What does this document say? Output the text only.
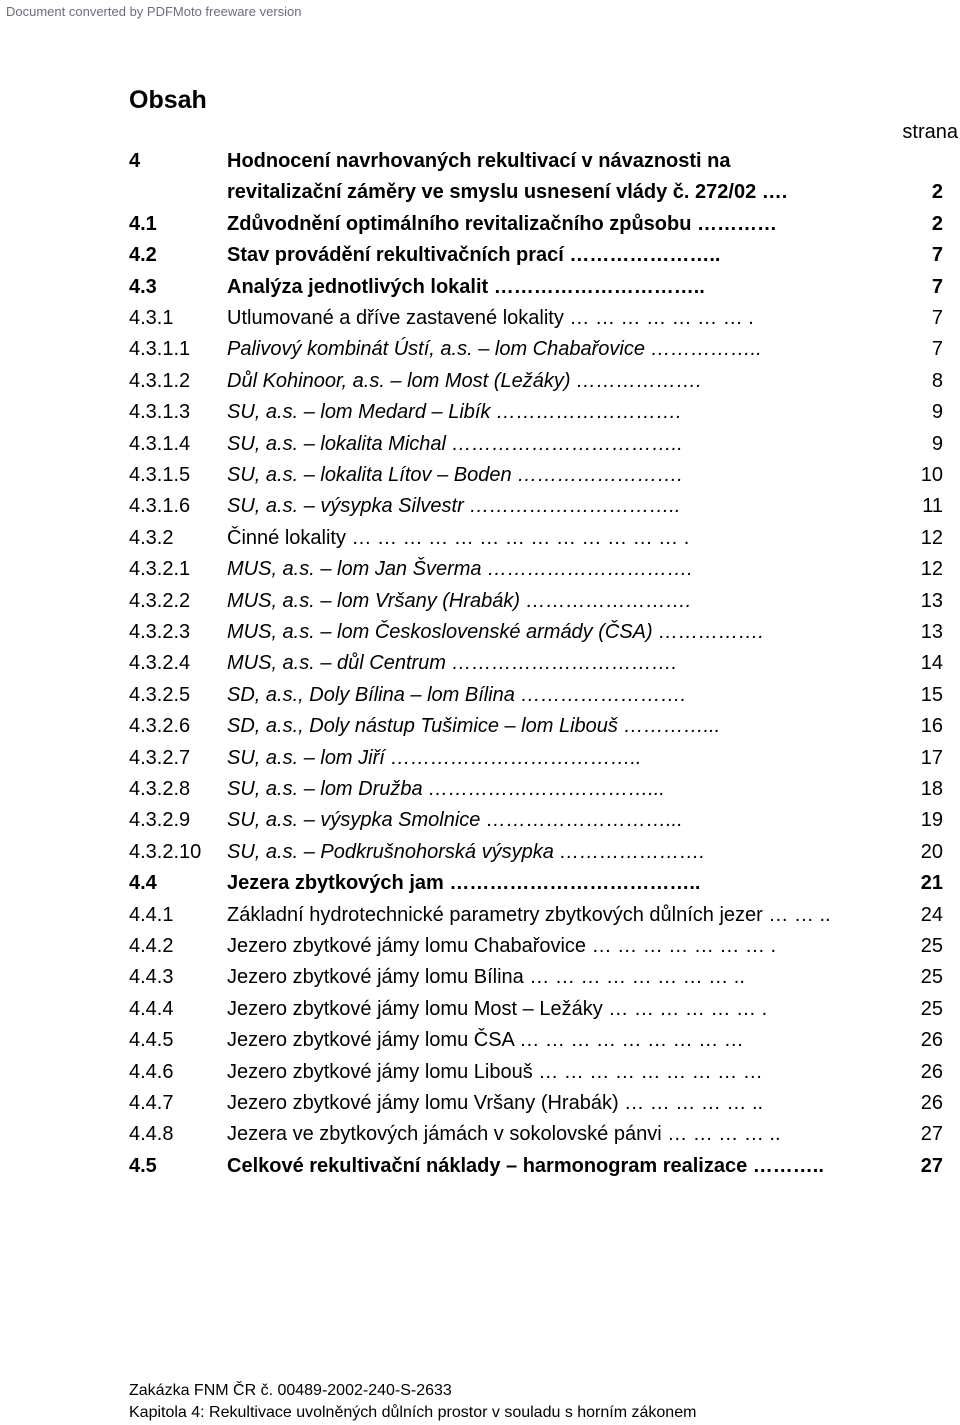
Document converted by PDFMoto freeware version
Obsah
strana
4	Hodnocení navrhovaných rekultivací v návaznosti na
revitalizační záměry ve smyslu usnesení vlády č. 272/02 ….	2
4.1	Zdůvodnění optimálního revitalizačního způsobu …………	2
4.2	Stav provádění rekultivačních prací …………………..	7
4.3	Analýza jednotlivých lokalit …………………………..	7
4.3.1	Utlumované a dříve zastavené lokality … … … … … … … .	7
4.3.1.1 Palivový kombinát Ústí, a.s. – lom Chabařovice ……………..	7
4.3.1.2 Důl Kohinoor, a.s. – lom Most (Ležáky) ……………….	8
4.3.1.3 SU, a.s. – lom Medard – Libík ……………………….	9
4.3.1.4 SU, a.s. – lokalita Michal ……………………………..	9
4.3.1.5 SU, a.s. – lokalita Lítov – Boden …………………….	10
4.3.1.6 SU, a.s. – výsypka Silvestr …………………………..	11
4.3.2	Činné lokality … … … … … … … … … … … … … .	12
4.3.2.1 MUS, a.s. – lom Jan Šverma ………………………….	12
4.3.2.2 MUS, a.s. – lom Vršany (Hrabák) …………………….	13
4.3.2.3 MUS, a.s. – lom Československé armády (ČSA) …………….	13
4.3.2.4 MUS, a.s. – důl Centrum …………………………….	14
4.3.2.5 SD, a.s., Doly Bílina – lom Bílina …………………….	15
4.3.2.6 SD, a.s., Doly nástup Tušimice – lom Libouš …………...	16
4.3.2.7 SU, a.s. – lom Jiří ………………………………..	17
4.3.2.8 SU, a.s. – lom Družba ……………………………...	18
4.3.2.9 SU, a.s. – výsypka Smolnice ………………………...	19
4.3.2.10 SU, a.s. – Podkrušnohorská výsypka ………………….	20
4.4	Jezera zbytkových jam ………………………………..	21
4.4.1	Základní hydrotechnické parametry zbytkových důlních jezer … … ..	24
4.4.2	Jezero zbytkové jámy lomu Chabařovice … … … … … … … .	25
4.4.3	Jezero zbytkové jámy lomu Bílina … … … … … … … … ..	25
4.4.4	Jezero zbytkové jámy lomu Most – Ležáky … … … … … … .	25
4.4.5	Jezero zbytkové jámy lomu ČSA … … … … … … … … …	26
4.4.6	Jezero zbytkové jámy lomu Libouš … … … … … … … … …	26
4.4.7	Jezero zbytkové jámy lomu Vršany (Hrabák) … … … … … ..	26
4.4.8	Jezera ve zbytkových jámách v sokolovské pánvi … … … … ..	27
4.5	Celkové rekultivační náklady – harmonogram realizace ………..	27
Zakázka FNM ČR č. 00489-2002-240-S-2633
Kapitola 4: Rekultivace uvolněných důlních prostor v souladu s horním zákonem
